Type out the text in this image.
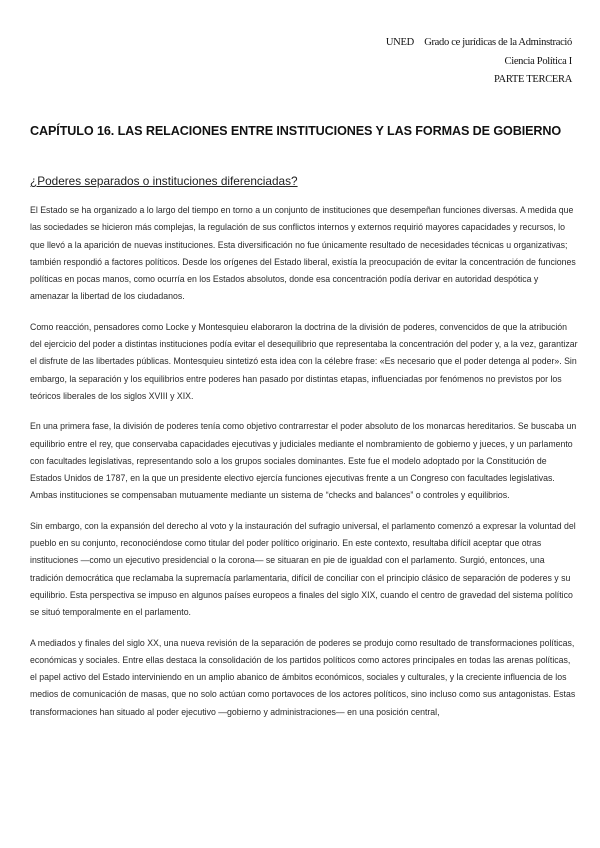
UNED Grado ce jurídicas de la Adminstració
Ciencia Política I
PARTE TERCERA
CAPÍTULO 16. LAS RELACIONES ENTRE INSTITUCIONES Y LAS FORMAS DE GOBIERNO
¿Poderes separados o instituciones diferenciadas?

El Estado se ha organizado a lo largo del tiempo en torno a un conjunto de instituciones que desempeñan funciones diversas. A medida que las sociedades se hicieron más complejas, la regulación de sus conflictos internos y externos requirió mayores capacidades y recursos, lo que llevó a la aparición de nuevas instituciones. Esta diversificación no fue únicamente resultado de necesidades técnicas u organizativas; también respondió a factores políticos. Desde los orígenes del Estado liberal, existía la preocupación de evitar la concentración de funciones políticas en pocas manos, como ocurría en los Estados absolutos, donde esa concentración podía derivar en autoridad despótica y amenazar la libertad de los ciudadanos.

Como reacción, pensadores como Locke y Montesquieu elaboraron la doctrina de la división de poderes, convencidos de que la atribución del ejercicio del poder a distintas instituciones podía evitar el desequilibrio que representaba la concentración del poder y, a la vez, garantizar el disfrute de las libertades públicas. Montesquieu sintetizó esta idea con la célebre frase: «Es necesario que el poder detenga al poder». Sin embargo, la separación y los equilibrios entre poderes han pasado por distintas etapas, influenciadas por fenómenos no previstos por los teóricos liberales de los siglos XVIII y XIX.

En una primera fase, la división de poderes tenía como objetivo contrarrestar el poder absoluto de los monarcas hereditarios. Se buscaba un equilibrio entre el rey, que conservaba capacidades ejecutivas y judiciales mediante el nombramiento de gobierno y jueces, y un parlamento con facultades legislativas, representando solo a los grupos sociales dominantes. Este fue el modelo adoptado por la Constitución de Estados Unidos de 1787, en la que un presidente electivo ejercía funciones ejecutivas frente a un Congreso con facultades legislativas. Ambas instituciones se compensaban mutuamente mediante un sistema de “checks and balances” o controles y equilibrios.

Sin embargo, con la expansión del derecho al voto y la instauración del sufragio universal, el parlamento comenzó a expresar la voluntad del pueblo en su conjunto, reconociéndose como titular del poder político originario. En este contexto, resultaba difícil aceptar que otras instituciones —como un ejecutivo presidencial o la corona— se situaran en pie de igualdad con el parlamento. Surgió, entonces, una tradición democrática que reclamaba la supremacía parlamentaria, difícil de conciliar con el principio clásico de separación de poderes y su equilibrio. Esta perspectiva se impuso en algunos países europeos a finales del siglo XIX, cuando el centro de gravedad del sistema político se situó temporalmente en el parlamento.

A mediados y finales del siglo XX, una nueva revisión de la separación de poderes se produjo como resultado de transformaciones políticas, económicas y sociales. Entre ellas destaca la consolidación de los partidos políticos como actores principales en todas las arenas políticas, el papel activo del Estado interviniendo en un amplio abanico de ámbitos económicos, sociales y culturales, y la creciente influencia de los medios de comunicación de masas, que no solo actúan como portavoces de los actores políticos, sino incluso como sus antagonistas. Estas transformaciones han situado al poder ejecutivo —gobierno y administraciones— en una posición central,
